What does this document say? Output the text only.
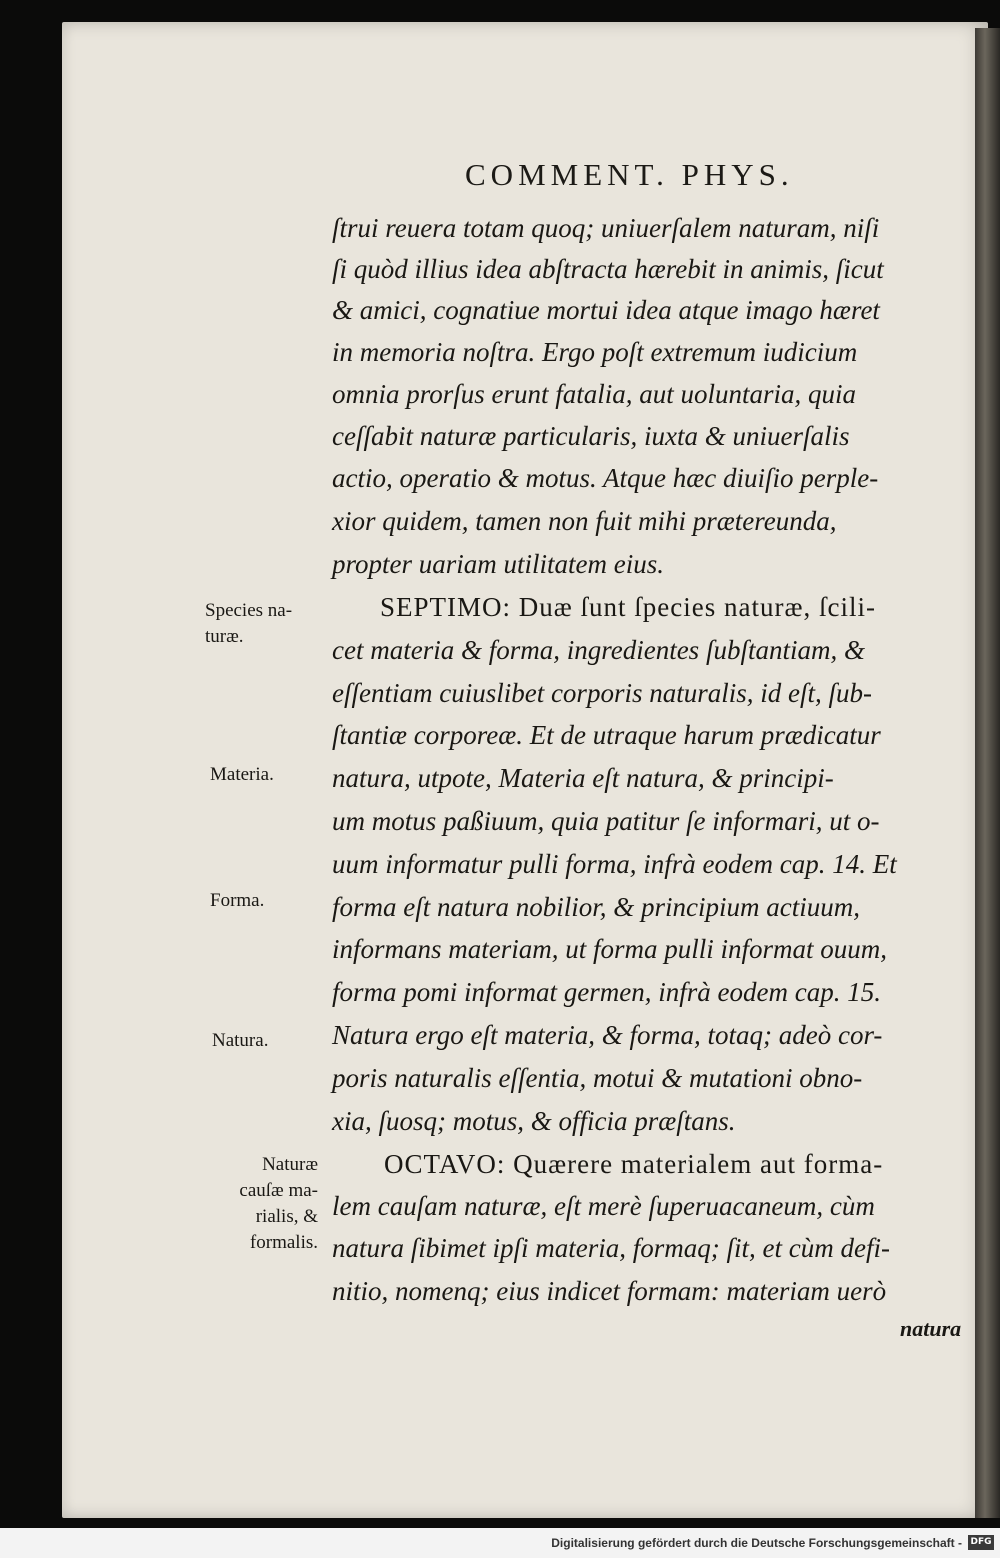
COMMENT. PHYS.
ſtrui reuera totam quoq; uniuerſalem naturam, niſi
ſi quòd illius idea abſtracta hærebit in animis, ſicut
& amici, cognatiue mortui idea atque imago hæret
in memoria noſtra. Ergo poſt extremum iudicium
omnia prorſus erunt fatalia, aut uoluntaria, quia
ceſſabit naturæ particularis, iuxta & uniuerſalis
actio, operatio & motus. Atque hæc diuiſio perple-
xior quidem, tamen non fuit mihi prætereunda,
propter uariam utilitatem eius.
SEPTIMO: Duæ ſunt ſpecies naturæ, ſcili-
cet materia & forma, ingredientes ſubſtantiam, &
eſſentiam cuiuslibet corporis naturalis, id eſt, ſub-
ſtantiæ corporeæ. Et de utraque harum prædicatur
natura, utpote, Materia eſt natura, & principi-
um motus paßiuum, quia patitur ſe informari, ut o-
uum informatur pulli forma, infrà eodem cap. 14. Et
forma eſt natura nobilior, & principium actiuum,
informans materiam, ut forma pulli informat ouum,
forma pomi informat germen, infrà eodem cap. 15.
Natura ergo eſt materia, & forma, totaq; adeò cor-
poris naturalis eſſentia, motui & mutationi obno-
xia, ſuosq; motus, & officia præſtans.
OCTAVO: Quærere materialem aut forma-
lem cauſam naturæ, eſt merè ſuperuacaneum, cùm
natura ſibimet ipſi materia, formaq; ſit, et cùm defi-
nitio, nomenq; eius indicet formam: materiam uerò
natura
Species na-
turæ.
Materia.
Forma.
Natura.
Naturæ
cauſæ ma-
rialis, &
formalis.
Digitalisierung gefördert durch die Deutsche Forschungsgemeinschaft - DFG
